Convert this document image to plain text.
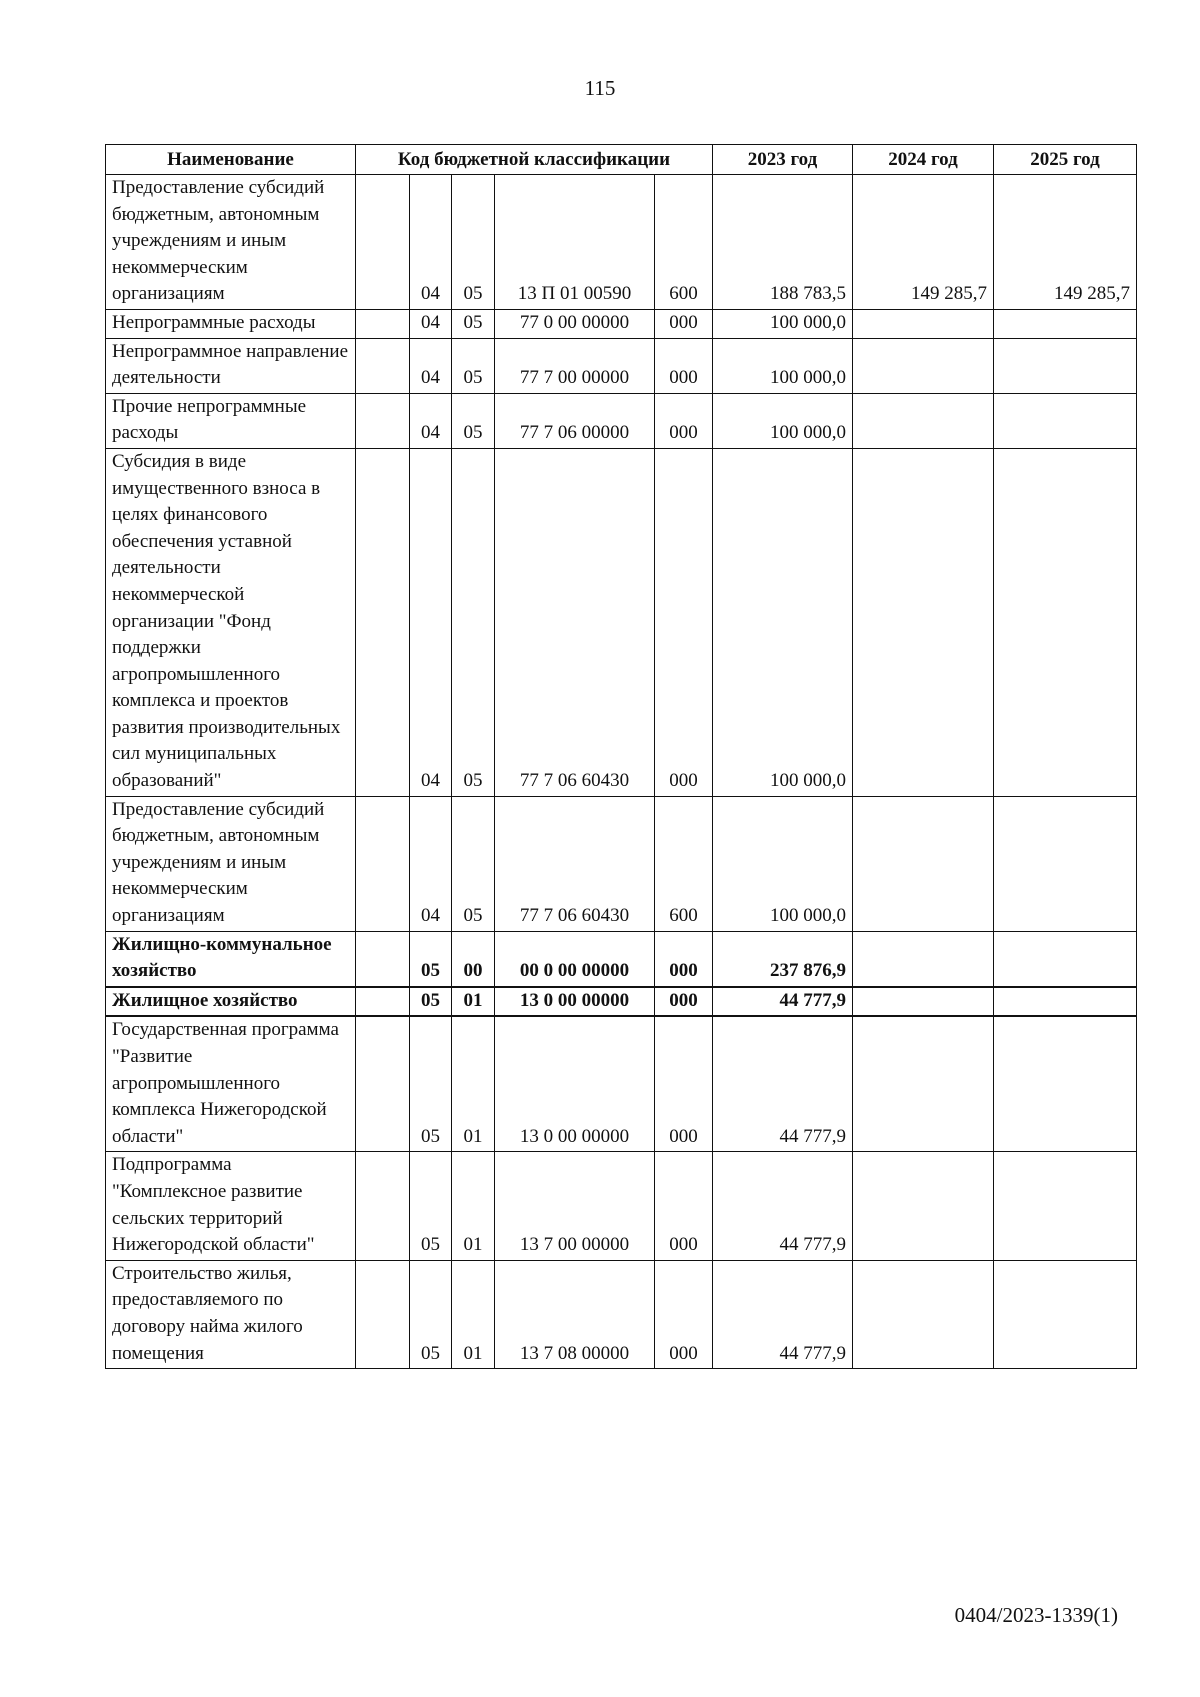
115
Наименование	Код бюджетной классификации					2023 год	2024 год	2025 год
Предоставление субсидий бюджетным, автономным учреждениям и иным некоммерческим организациям		04	05	13 П 01 00590	600	188 783,5	149 285,7	149 285,7
Непрограммные расходы		04	05	77 0 00 00000	000	100 000,0		
Непрограммное направление деятельности		04	05	77 7 00 00000	000	100 000,0		
Прочие непрограммные расходы		04	05	77 7 06 00000	000	100 000,0		
Субсидия в виде имущественного взноса в целях финансового обеспечения уставной деятельности некоммерческой организации "Фонд поддержки агропромышленного комплекса и проектов развития производительных сил муниципальных образований"		04	05	77 7 06 60430	000	100 000,0		
Предоставление субсидий бюджетным, автономным учреждениям и иным некоммерческим организациям		04	05	77 7 06 60430	600	100 000,0		
Жилищно-коммунальное хозяйство		05	00	00 0 00 00000	000	237 876,9		
Жилищное хозяйство		05	01	13 0 00 00000	000	44 777,9		
Государственная программа "Развитие агропромышленного комплекса Нижегородской области"		05	01	13 0 00 00000	000	44 777,9		
Подпрограмма "Комплексное развитие сельских территорий Нижегородской области"		05	01	13 7 00 00000	000	44 777,9		
Строительство жилья, предоставляемого по договору найма жилого помещения		05	01	13 7 08 00000	000	44 777,9		
0404/2023-1339(1)
